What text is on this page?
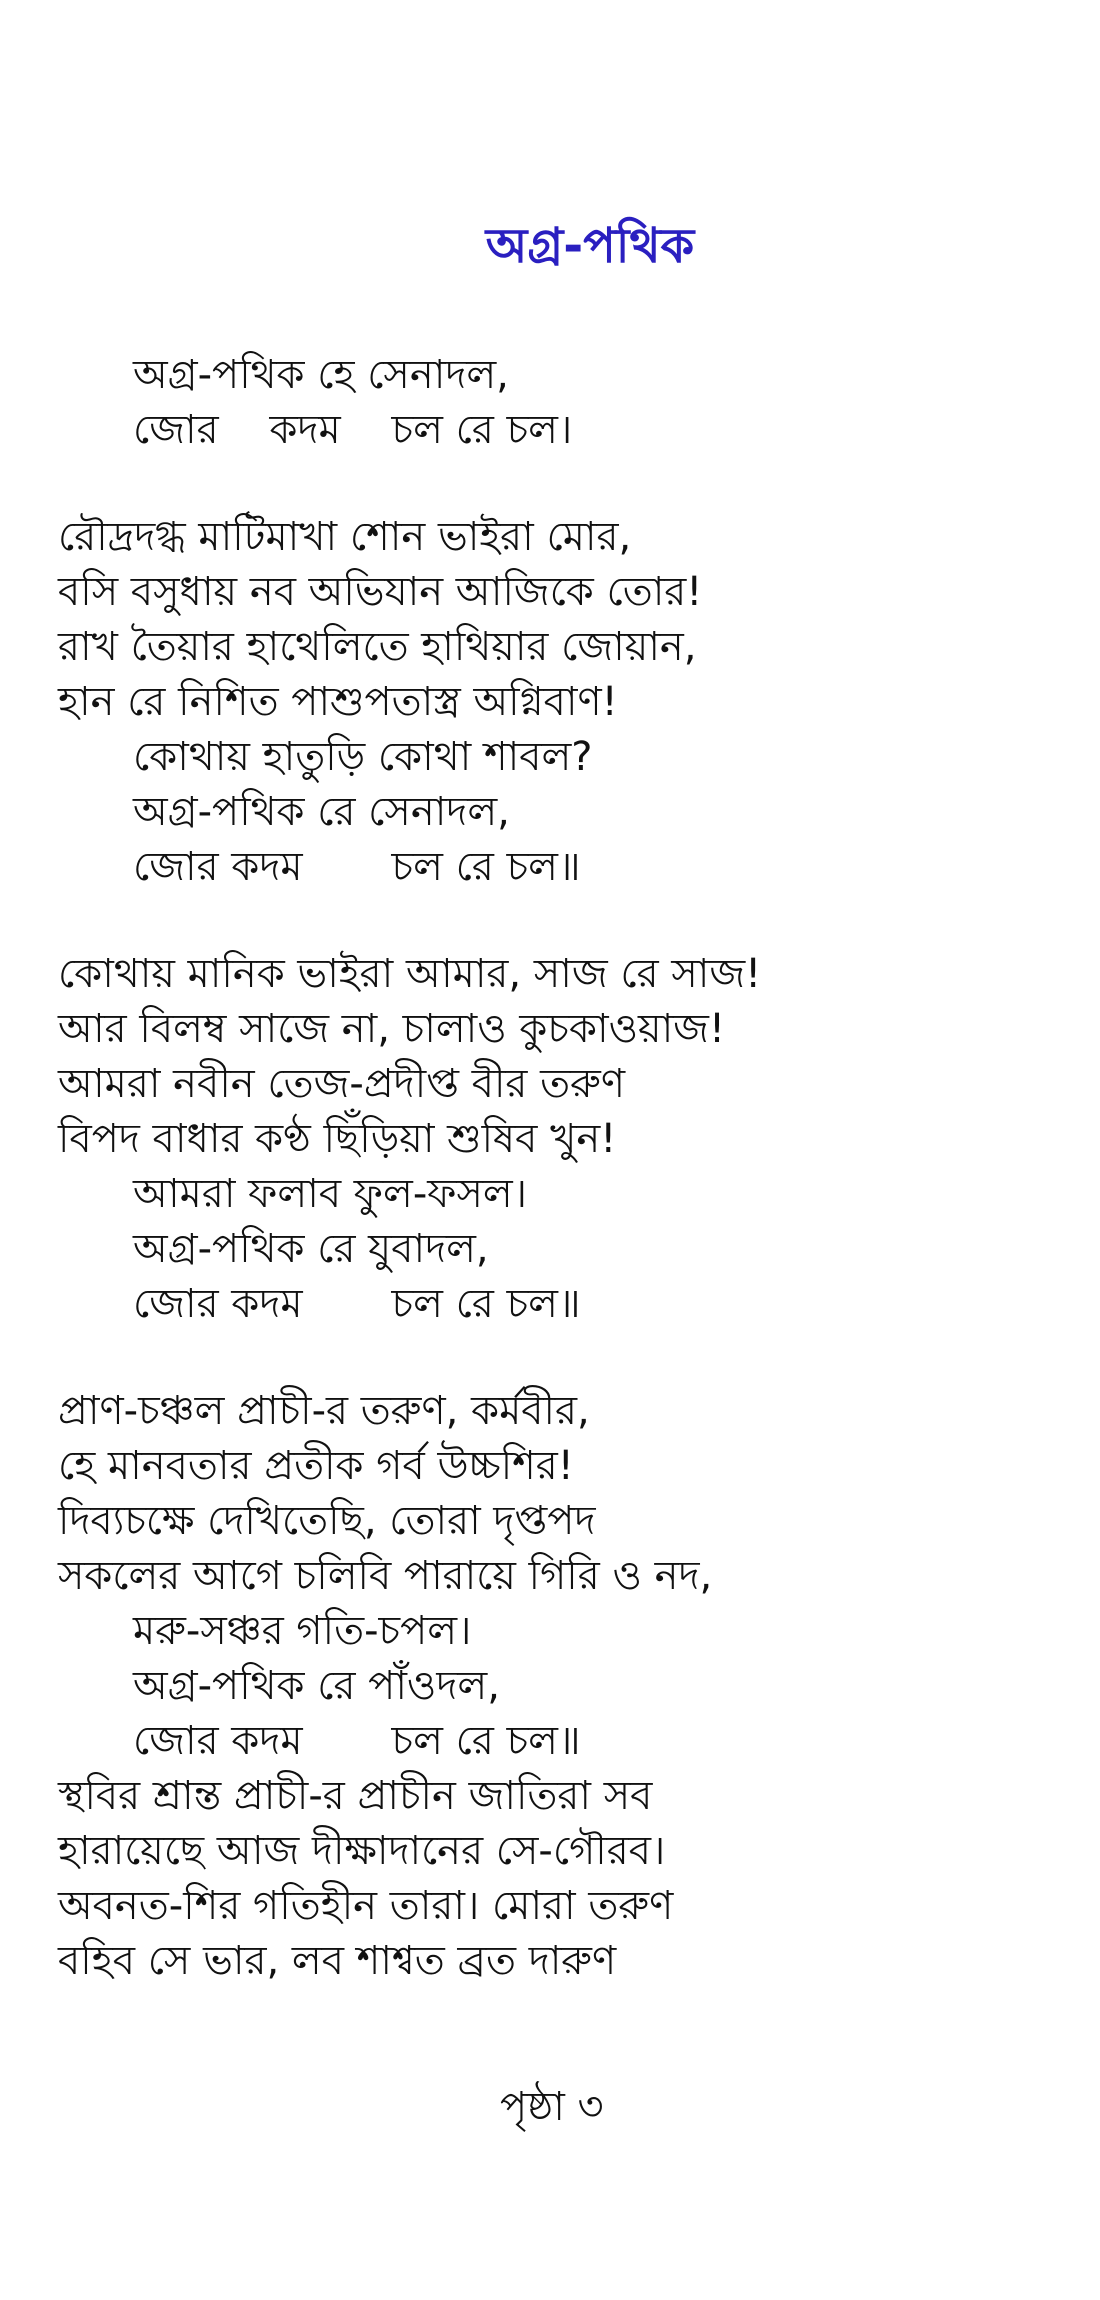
অগ্র-পথিক
অগ্র-পথিক হে সেনাদল,
জোর    কদম    চল রে চল।
রৌদ্রদগ্ধ মাটিমাখা শোন ভাইরা মোর,
বসি বসুধায় নব অভিযান আজিকে তোর!
রাখ তৈয়ার হাথেলিতে হাথিয়ার জোয়ান,
হান রে নিশিত পাশুপতাস্ত্র অগ্নিবাণ!
কোথায় হাতুড়ি কোথা শাবল?
অগ্র-পথিক রে সেনাদল,
জোর কদম       চল রে চল॥
কোথায় মানিক ভাইরা আমার, সাজ রে সাজ!
আর বিলম্ব সাজে না, চালাও কুচকাওয়াজ!
আমরা নবীন তেজ-প্রদীপ্ত বীর তরুণ
বিপদ বাধার কণ্ঠ ছিঁড়িয়া শুষিব খুন!
আমরা ফলাব ফুল-ফসল।
অগ্র-পথিক রে যুবাদল,
জোর কদম       চল রে চল॥
প্রাণ-চঞ্চল প্রাচী-র তরুণ, কর্মবীর,
হে মানবতার প্রতীক গর্ব উচ্চশির!
দিব্যচক্ষে দেখিতেছি, তোরা দৃপ্তপদ
সকলের আগে চলিবি পারায়ে গিরি ও নদ,
মরু-সঞ্চর গতি-চপল।
অগ্র-পথিক রে পাঁওদল,
জোর কদম       চল রে চল॥
স্থবির শ্রান্ত প্রাচী-র প্রাচীন জাতিরা সব
হারায়েছে আজ দীক্ষাদানের সে-গৌরব।
অবনত-শির গতিহীন তারা। মোরা তরুণ
বহিব সে ভার, লব শাশ্বত ব্রত দারুণ
পৃষ্ঠা ৩
